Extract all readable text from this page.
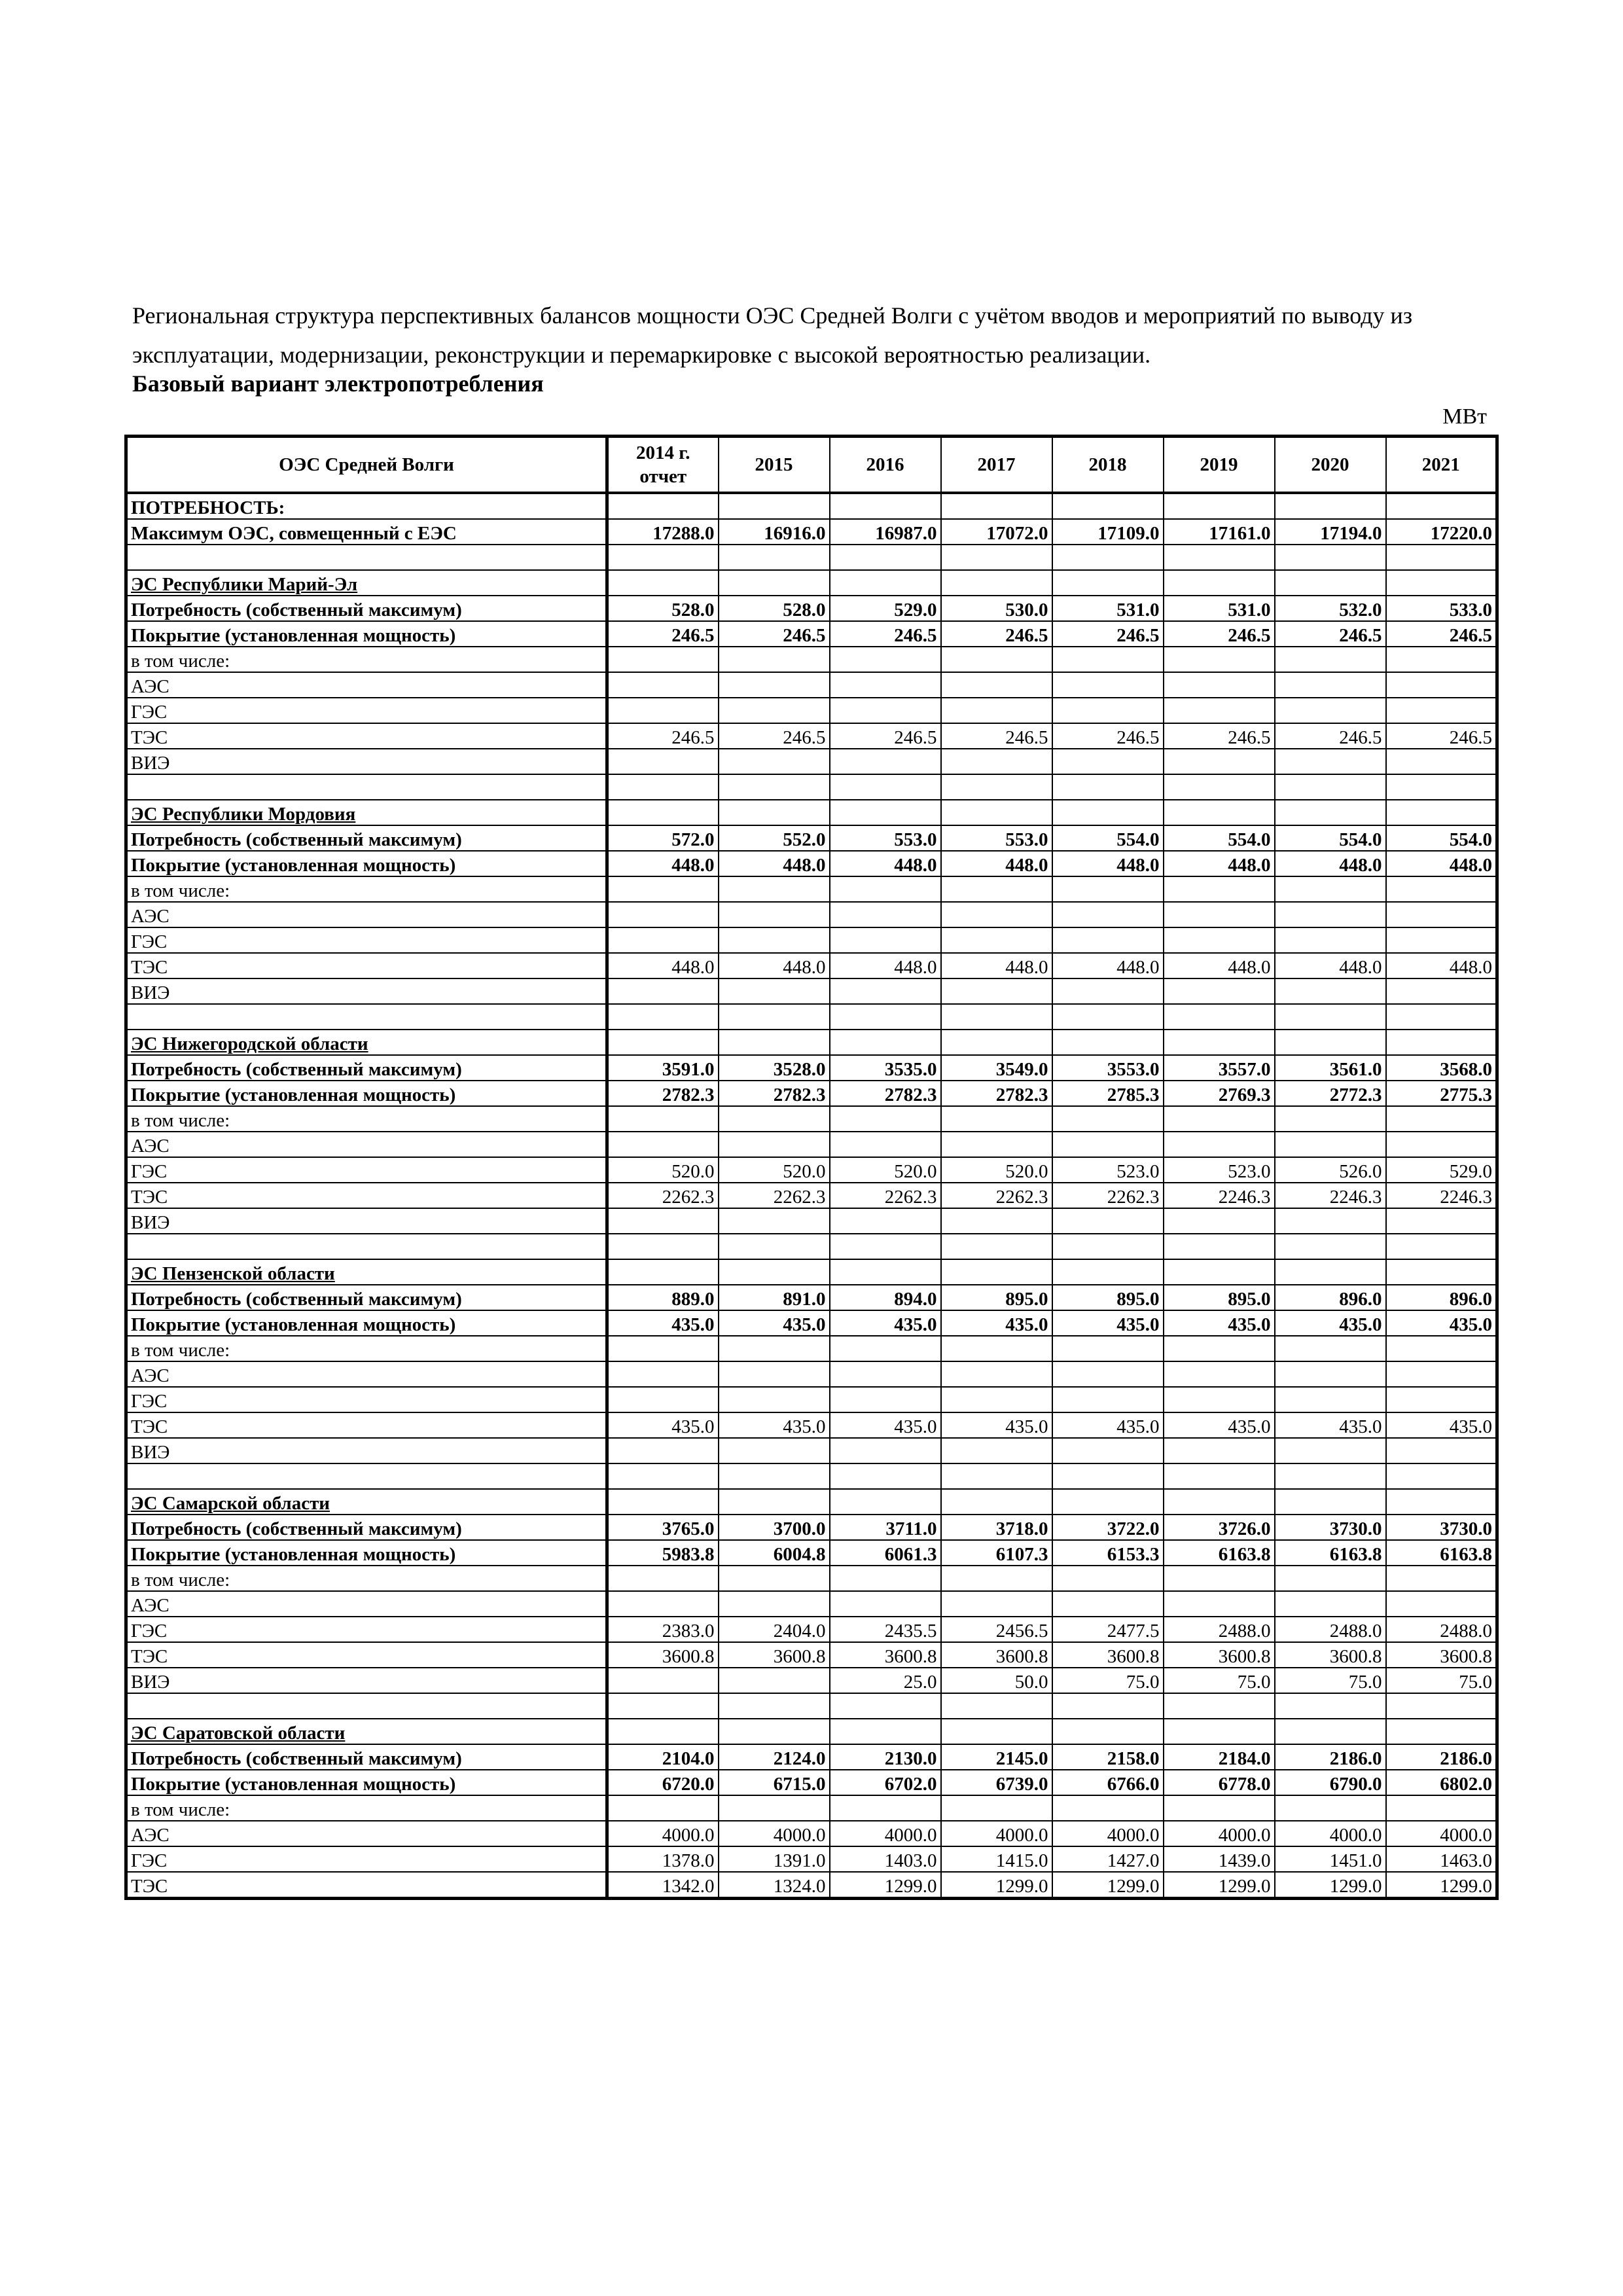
Региональная структура перспективных балансов мощности ОЭС Средней Волги с учётом вводов и мероприятий по выводу из эксплуатации, модернизации, реконструкции и перемаркировке с высокой вероятностью реализации.
Базовый вариант электропотребления
МВт
ОЭС Средней Волги	2014 г. отчет	2015	2016	2017	2018	2019	2020	2021
ПОТРЕБНОСТЬ:								
Максимум ОЭС, совмещенный с ЕЭС	17288.0	16916.0	16987.0	17072.0	17109.0	17161.0	17194.0	17220.0

ЭС Республики Марий-Эл								
Потребность (собственный максимум)	528.0	528.0	529.0	530.0	531.0	531.0	532.0	533.0
Покрытие (установленная мощность)	246.5	246.5	246.5	246.5	246.5	246.5	246.5	246.5
в том числе:								
АЭС								
ГЭС								
ТЭС	246.5	246.5	246.5	246.5	246.5	246.5	246.5	246.5
ВИЭ								

ЭС Республики Мордовия								
Потребность (собственный максимум)	572.0	552.0	553.0	553.0	554.0	554.0	554.0	554.0
Покрытие (установленная мощность)	448.0	448.0	448.0	448.0	448.0	448.0	448.0	448.0
в том числе:								
АЭС								
ГЭС								
ТЭС	448.0	448.0	448.0	448.0	448.0	448.0	448.0	448.0
ВИЭ								

ЭС Нижегородской области								
Потребность (собственный максимум)	3591.0	3528.0	3535.0	3549.0	3553.0	3557.0	3561.0	3568.0
Покрытие (установленная мощность)	2782.3	2782.3	2782.3	2782.3	2785.3	2769.3	2772.3	2775.3
в том числе:								
АЭС								
ГЭС	520.0	520.0	520.0	520.0	523.0	523.0	526.0	529.0
ТЭС	2262.3	2262.3	2262.3	2262.3	2262.3	2246.3	2246.3	2246.3
ВИЭ								

ЭС Пензенской области								
Потребность (собственный максимум)	889.0	891.0	894.0	895.0	895.0	895.0	896.0	896.0
Покрытие (установленная мощность)	435.0	435.0	435.0	435.0	435.0	435.0	435.0	435.0
в том числе:								
АЭС								
ГЭС								
ТЭС	435.0	435.0	435.0	435.0	435.0	435.0	435.0	435.0
ВИЭ								

ЭС Самарской области								
Потребность (собственный максимум)	3765.0	3700.0	3711.0	3718.0	3722.0	3726.0	3730.0	3730.0
Покрытие (установленная мощность)	5983.8	6004.8	6061.3	6107.3	6153.3	6163.8	6163.8	6163.8
в том числе:								
АЭС								
ГЭС	2383.0	2404.0	2435.5	2456.5	2477.5	2488.0	2488.0	2488.0
ТЭС	3600.8	3600.8	3600.8	3600.8	3600.8	3600.8	3600.8	3600.8
ВИЭ			25.0	50.0	75.0	75.0	75.0	75.0

ЭС Саратовской области								
Потребность (собственный максимум)	2104.0	2124.0	2130.0	2145.0	2158.0	2184.0	2186.0	2186.0
Покрытие (установленная мощность)	6720.0	6715.0	6702.0	6739.0	6766.0	6778.0	6790.0	6802.0
в том числе:								
АЭС	4000.0	4000.0	4000.0	4000.0	4000.0	4000.0	4000.0	4000.0
ГЭС	1378.0	1391.0	1403.0	1415.0	1427.0	1439.0	1451.0	1463.0
ТЭС	1342.0	1324.0	1299.0	1299.0	1299.0	1299.0	1299.0	1299.0
